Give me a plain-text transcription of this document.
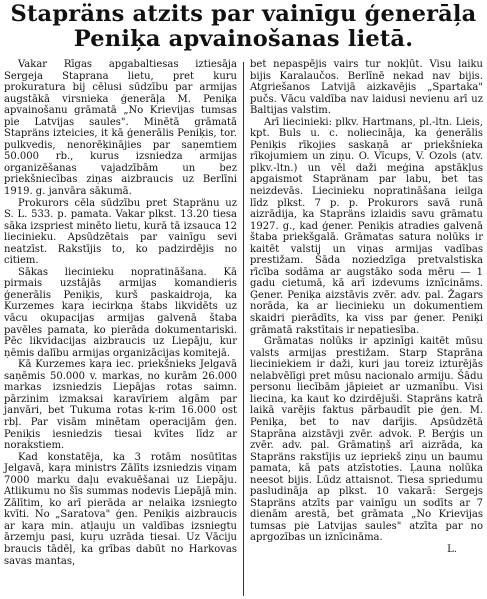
Stapräns atzits par vainīgu ģenerāļa
Peniķa apvainošanas lietā.

Vakar Rīgas apgabaltiesas iztiesāja Sergeja Staprana lietu, pret kuru prokuratura bij cēlusi sūdzību par armijas augstākā virsnieka ģenerāļa M. Peniķa apvainošanu grāmatā „No Krievijas tumsas pie Latvijas saules". Minētā grāmatā Stapräns izteicies, it kā ģenerālis Peniķis, tor. pulkvedis, nenorēķinājies par saņemtiem 50.000 rb., kurus izsniedza armijas organizēšanas vajadzībām un bez priekšniecības ziņas aizbraucis uz Berlīni 1919. g. janvāra sākumā.

Prokurors cēla sūdzību pret Stapränu uz S. L. 533. p. pamata. Vakar plkst. 13.20 tiesa sāka izspriest minēto lietu, kurā tā izsauca 12 liecinieku. Apsūdzētais par vainīgu sevi neatzīst. Rakstījis to, ko padzirdējis no citiem.

Sākas liecinieku nopratināšana. Kā pirmais uzstājās armijas komandieris ģenerālis Peniķis, kurš paskaidroja, ka Kurzemes kaŗa iecirkņa štabs likvidēts uz vācu okupacijas armijas galvenā štaba pavēles pamata, ko pierāda dokumentariski. Pēc likvidacijas aizbraucis uz Liepāju, kur ņēmis dalību armijas organizācijas komitejā.

Kā Kurzemes kaŗa iec. priekšnieks Jelgavā saņēmis 50.000 v. markas, no kurām 26.000 markas izsniedzis Liepājas rotas saimn. pārzinim izmaksai karavīriem algām par janvāri, bet Tukuma rotas k-rim 16.000 ost rbļ. Par visām minētam operacijām ģen. Peniķis iesniedzis tiesai kvītes līdz ar norakstiem.

Kad konstatēja, ka 3 rotām nosūtītas Jelgavā, kaŗa ministrs Zālīts izsniedzis viņam 7000 marku daļu evakuēšanai uz Liepāju. Atlikumu no šīs summas nodevis Liepājā min. Zālītim, ko arī pierāda ar nelaika izsniegto kvīti. No „Saratova" ģen. Peniķis aizbraucis ar kaŗa min. atļauju un valdības izsniegtu ārzemju pasi, kuŗu uzrāda tiesai. Uz Vāciju braucis tādēļ, ka grības dabūt no Harkovas savas mantas,

bet nepaspējis vairs tur nokļūt. Visu laiku bijis Karalaučos. Berlīnē nekad nav bijis. Atgriešanos Latvijā aizkavējis „Spartaka" pučs. Vācu valdība nav laidusi nevienu arī uz Baltijas valstim.

Arī liecinieki: plkv. Hartmans, pl.-ltn. Lieis, kpt. Buls u. c. noliecināja, ka ģenerālis Peniķis rīkojies saskaņā ar priekšnieka rīkojumiem un ziņu. O. Vīcups, V. Ozols (atv. plkv.-ltn.) un vēl daži meģina apstākļus apgaismot Stapränam par labu, bet tas neizdevās. Liecinieku nopratināšana ieilga līdz plkst. 7 p. p. Prokurors savā runā aizrādija, ka Stapräns izlaidis savu grāmatu 1927. g., kad ģener. Peniķis atradies galvenā štaba priekšgalā. Grāmatas satura nolūks ir kaitēt valstij un viņas armijas vadības prestižam. Šāda noziedzīga pretvalstiska rīcība sodāma ar augstāko soda mēru — 1 gadu cietumā, kā arī izdevums iznīcināms. Ģener. Peniķa aizstāvis zvēr. adv. pal. Žagars norāda, ka ar liecinieku un dokumentiem skaidri pierādīts, ka viss par ģener. Peniķi grāmatā rakstītais ir nepatiesība.

Grāmatas nolūks ir apzinīgi kaitēt mūsu valsts armijas prestižam. Starp Staprāna lieciniekiem ir daži, kuri jau toreiz izturējās nelabvēlīgi pret mūsu nacionalo armiju. Šādu personu liecībām jāpieiet ar uzmanību. Visi liecina, ka kaut ko dzirdējuši. Stapräns katrā laikā varējis faktus pārbaudīt pie ģen. M. Peniķa, bet to nav darījis. Apsūdzētā Staprāna aizstāvji zvēr. advok. P. Berģis un zvēr. adv. pal. Grāmatiņš arī aizrāda, ka Stapräns rakstījis uz iepriekš ziņu un baumu pamata, kā pats atzīstoties. Ļauna nolūka neesot bijis. Lūdz attaisnot. Tiesa spriedumu pasludināja ap plkst. 10 vakarā: Sergejs Stapräns atzīts par vainīgu un sodīts ar 7 dienām arestā, bet grāmata „No Krievijas tumsas pie Latvijas saules" atzīta par no aprgozības un iznīcināma.

L.
